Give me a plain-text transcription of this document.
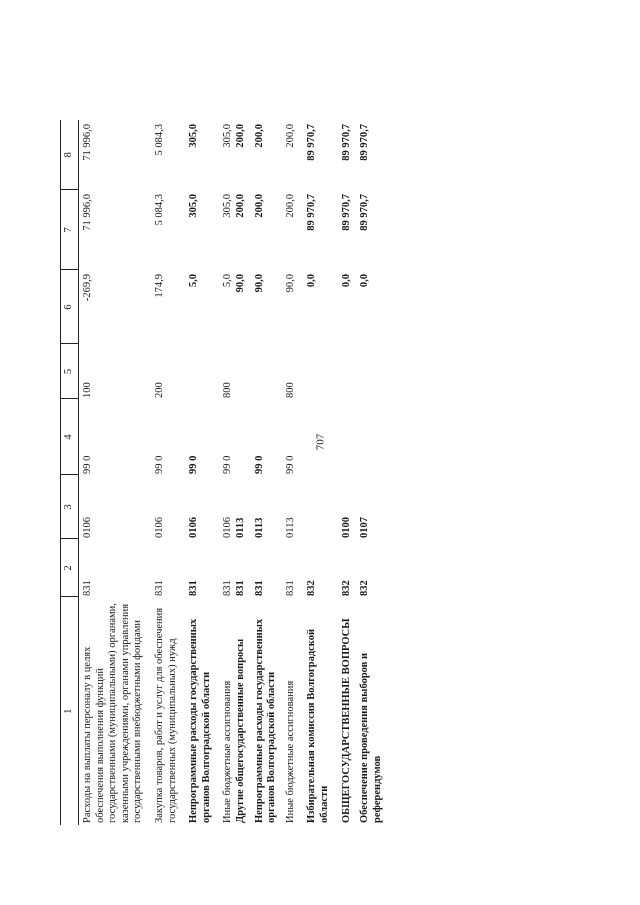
707
1	2	3	4	5	6	7	8
Расходы на выплаты персоналу в целях обеспечения выполнения функций государственными (муниципальными) органами, казенными учреждениями, органами управления государственными внебюджетными фондами	831	0106	99 0	100	-269,9	71 996,0	71 996,0
Закупка товаров, работ и услуг для обеспечения государственных (муниципальных) нужд	831	0106	99 0	200	174,9	5 084,3	5 084,3
Непрограммные расходы государственных органов Волгоградской области	831	0106	99 0		5,0	305,0	305,0
Иные бюджетные ассигнования	831	0106	99 0	800	5,0	305,0	305,0
Другие общегосударственные вопросы	831	0113			90,0	200,0	200,0
Непрограммные расходы государственных органов Волгоградской области	831	0113	99 0		90,0	200,0	200,0
Иные бюджетные ассигнования	831	0113	99 0	800	90,0	200,0	200,0
Избирательная комиссия Волгоградской области	832				0,0	89 970,7	89 970,7
ОБЩЕГОСУДАРСТВЕННЫЕ ВОПРОСЫ	832	0100			0,0	89 970,7	89 970,7
Обеспечение проведения выборов и референдумов	832	0107			0,0	89 970,7	89 970,7
